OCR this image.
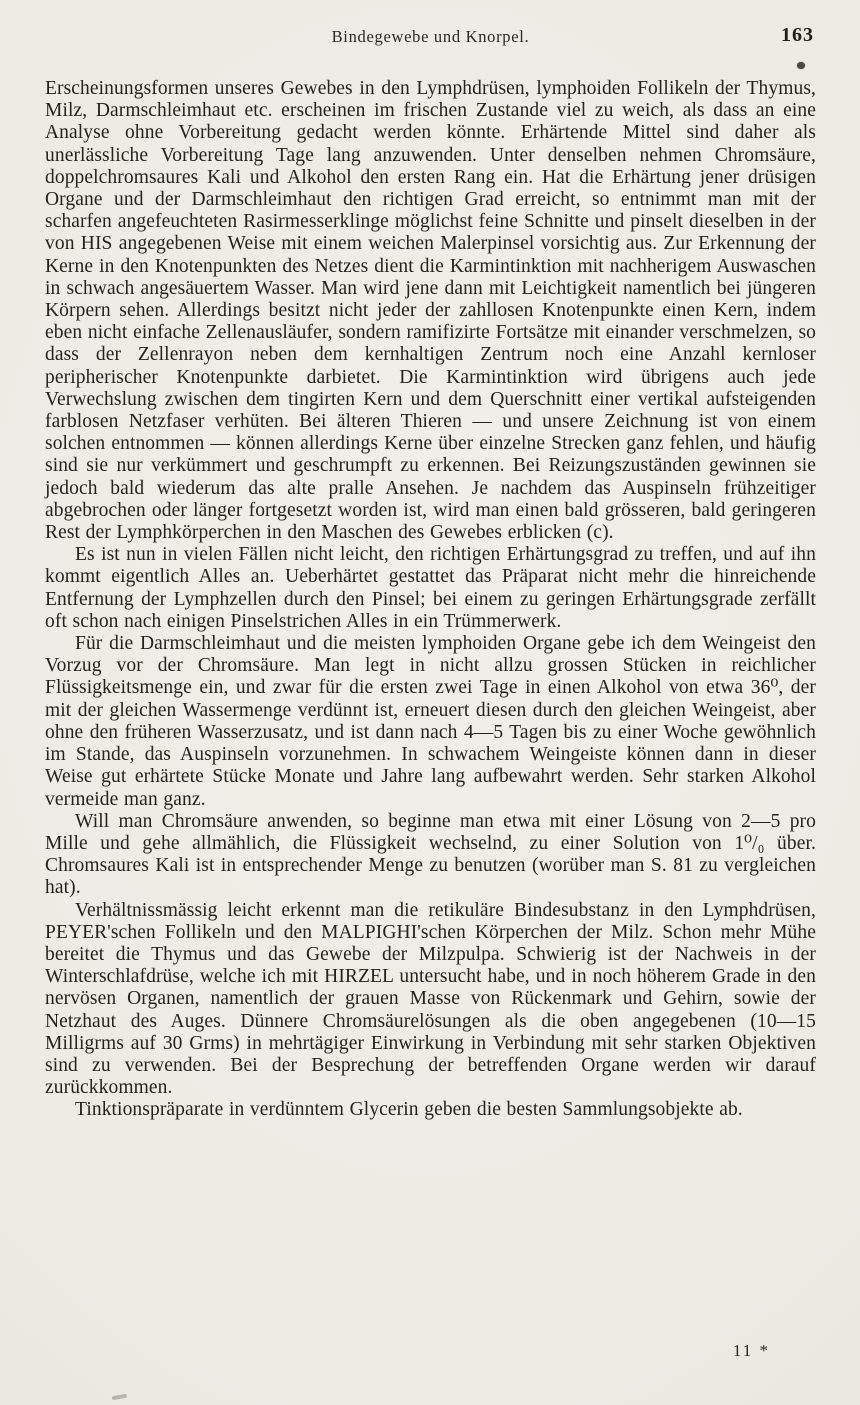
Bindegewebe und Knorpel.	163

Erscheinungsformen unseres Gewebes in den Lymphdrüsen, lymphoiden Follikeln der Thymus, Milz, Darmschleimhaut etc. erscheinen im frischen Zustande viel zu weich, als dass an eine Analyse ohne Vorbereitung gedacht werden könnte. Erhärtende Mittel sind daher als unerlässliche Vorbereitung Tage lang anzuwenden. Unter denselben nehmen Chromsäure, doppelchromsaures Kali und Alkohol den ersten Rang ein. Hat die Erhärtung jener drüsigen Organe und der Darmschleimhaut den richtigen Grad erreicht, so entnimmt man mit der scharfen angefeuchteten Rasirmesserklinge möglichst feine Schnitte und pinselt dieselben in der von HIS angegebenen Weise mit einem weichen Malerpinsel vorsichtig aus. Zur Erkennung der Kerne in den Knotenpunkten des Netzes dient die Karmintinktion mit nachherigem Auswaschen in schwach angesäuertem Wasser. Man wird jene dann mit Leichtigkeit namentlich bei jüngeren Körpern sehen. Allerdings besitzt nicht jeder der zahllosen Knotenpunkte einen Kern, indem eben nicht einfache Zellenausläufer, sondern ramifizirte Fortsätze mit einander verschmelzen, so dass der Zellenrayon neben dem kernhaltigen Zentrum noch eine Anzahl kernloser peripherischer Knotenpunkte darbietet. Die Karmintinktion wird übrigens auch jede Verwechslung zwischen dem tingirten Kern und dem Querschnitt einer vertikal aufsteigenden farblosen Netzfaser verhüten. Bei älteren Thieren — und unsere Zeichnung ist von einem solchen entnommen — können allerdings Kerne über einzelne Strecken ganz fehlen, und häufig sind sie nur verkümmert und geschrumpft zu erkennen. Bei Reizungszuständen gewinnen sie jedoch bald wiederum das alte pralle Ansehen. Je nachdem das Auspinseln frühzeitiger abgebrochen oder länger fortgesetzt worden ist, wird man einen bald grösseren, bald geringeren Rest der Lymphkörperchen in den Maschen des Gewebes erblicken (c).

Es ist nun in vielen Fällen nicht leicht, den richtigen Erhärtungsgrad zu treffen, und auf ihn kommt eigentlich Alles an. Ueberhärtet gestattet das Präparat nicht mehr die hinreichende Entfernung der Lymphzellen durch den Pinsel; bei einem zu geringen Erhärtungsgrade zerfällt oft schon nach einigen Pinselstrichen Alles in ein Trümmerwerk.

Für die Darmschleimhaut und die meisten lymphoiden Organe gebe ich dem Weingeist den Vorzug vor der Chromsäure. Man legt in nicht allzu grossen Stücken in reichlicher Flüssigkeitsmenge ein, und zwar für die ersten zwei Tage in einen Alkohol von etwa 36⁰, der mit der gleichen Wassermenge verdünnt ist, erneuert diesen durch den gleichen Weingeist, aber ohne den früheren Wasserzusatz, und ist dann nach 4—5 Tagen bis zu einer Woche gewöhnlich im Stande, das Auspinseln vorzunehmen. In schwachem Weingeiste können dann in dieser Weise gut erhärtete Stücke Monate und Jahre lang aufbewahrt werden. Sehr starken Alkohol vermeide man ganz.

Will man Chromsäure anwenden, so beginne man etwa mit einer Lösung von 2—5 pro Mille und gehe allmählich, die Flüssigkeit wechselnd, zu einer Solution von 1⁰/₀ über. Chromsaures Kali ist in entsprechender Menge zu benutzen (worüber man S. 81 zu vergleichen hat).

Verhältnissmässig leicht erkennt man die retikuläre Bindesubstanz in den Lymphdrüsen, PEYER'schen Follikeln und den MALPIGHI'schen Körperchen der Milz. Schon mehr Mühe bereitet die Thymus und das Gewebe der Milzpulpa. Schwierig ist der Nachweis in der Winterschlafdrüse, welche ich mit HIRZEL untersucht habe, und in noch höherem Grade in den nervösen Organen, namentlich der grauen Masse von Rückenmark und Gehirn, sowie der Netzhaut des Auges. Dünnere Chromsäurelösungen als die oben angegebenen (10—15 Milligrms auf 30 Grms) in mehrtägiger Einwirkung in Verbindung mit sehr starken Objektiven sind zu verwenden. Bei der Besprechung der betreffenden Organe werden wir darauf zurückkommen.

Tinktionspräparate in verdünntem Glycerin geben die besten Sammlungsobjekte ab.

11 *
